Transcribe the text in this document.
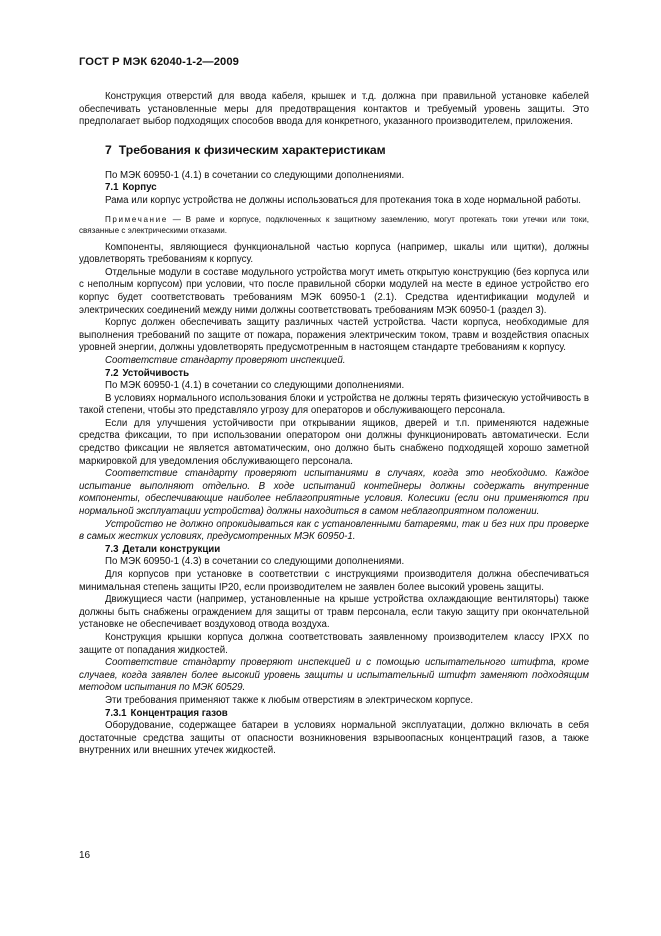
ГОСТ Р МЭК 62040-1-2—2009

Конструкция отверстий для ввода кабеля, крышек и т.д. должна при правильной установке кабелей обеспечивать установленные меры для предотвращения контактов и требуемый уровень защиты. Это предполагает выбор подходящих способов ввода для конкретного, указанного производителем, приложения.

7 Требования к физическим характеристикам

По МЭК 60950-1 (4.1) в сочетании со следующими дополнениями.

7.1 Корпус

Рама или корпус устройства не должны использоваться для протекания тока в ходе нормальной работы.

Примечание — В раме и корпусе, подключенных к защитному заземлению, могут протекать токи утечки или токи, связанные с электрическими отказами.

Компоненты, являющиеся функциональной частью корпуса (например, шкалы или щитки), должны удовлетворять требованиям к корпусу.

Отдельные модули в составе модульного устройства могут иметь открытую конструкцию (без корпуса или с неполным корпусом) при условии, что после правильной сборки модулей на месте в единое устройство его корпус будет соответствовать требованиям МЭК 60950-1 (2.1). Средства идентификации модулей и электрических соединений между ними должны соответствовать требованиям МЭК 60950-1 (раздел 3).

Корпус должен обеспечивать защиту различных частей устройства. Части корпуса, необходимые для выполнения требований по защите от пожара, поражения электрическим током, травм и воздействия опасных уровней энергии, должны удовлетворять предусмотренным в настоящем стандарте требованиям к корпусу.

Соответствие стандарту проверяют инспекцией.

7.2 Устойчивость

По МЭК 60950-1 (4.1) в сочетании со следующими дополнениями.

В условиях нормального использования блоки и устройства не должны терять физическую устойчивость в такой степени, чтобы это представляло угрозу для операторов и обслуживающего персонала.

Если для улучшения устойчивости при открывании ящиков, дверей и т.п. применяются надежные средства фиксации, то при использовании оператором они должны функционировать автоматически. Если средство фиксации не является автоматическим, оно должно быть снабжено подходящей хорошо заметной маркировкой для уведомления обслуживающего персонала.

Соответствие стандарту проверяют испытаниями в случаях, когда это необходимо. Каждое испытание выполняют отдельно. В ходе испытаний контейнеры должны содержать внутренние компоненты, обеспечивающие наиболее неблагоприятные условия. Колесики (если они применяются при нормальной эксплуатации устройства) должны находиться в самом неблагоприятном положении.

Устройство не должно опрокидываться как с установленными батареями, так и без них при проверке в самых жестких условиях, предусмотренных МЭК 60950-1.

7.3 Детали конструкции

По МЭК 60950-1 (4.3) в сочетании со следующими дополнениями.

Для корпусов при установке в соответствии с инструкциями производителя должна обеспечиваться минимальная степень защиты IP20, если производителем не заявлен более высокий уровень защиты.

Движущиеся части (например, установленные на крыше устройства охлаждающие вентиляторы) также должны быть снабжены ограждением для защиты от травм персонала, если такую защиту при окончательной установке не обеспечивает воздуховод отвода воздуха.

Конструкция крышки корпуса должна соответствовать заявленному производителем классу IPXX по защите от попадания жидкостей.

Соответствие стандарту проверяют инспекцией и с помощью испытательного штифта, кроме случаев, когда заявлен более высокий уровень защиты и испытательный штифт заменяют подходящим методом испытания по МЭК 60529.

Эти требования применяют также к любым отверстиям в электрическом корпусе.

7.3.1 Концентрация газов

Оборудование, содержащее батареи в условиях нормальной эксплуатации, должно включать в себя достаточные средства защиты от опасности возникновения взрывоопасных концентраций газов, а также внутренних или внешних утечек жидкостей.

16
